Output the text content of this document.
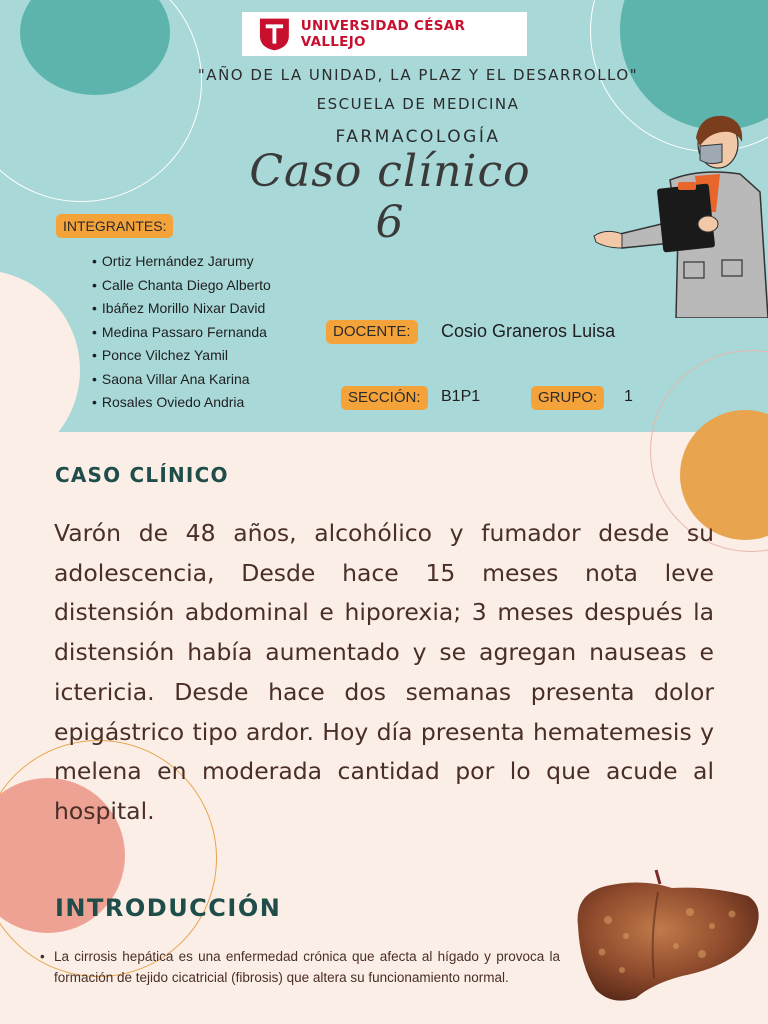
UNIVERSIDAD CÉSAR VALLEJO
"AÑO DE LA UNIDAD, LA PLAZ Y EL DESARROLLO"
ESCUELA DE MEDICINA
FARMACOLOGÍA
Caso clínico 6
INTEGRANTES:
• Ortiz Hernández Jarumy
• Calle Chanta Diego Alberto
• Ibáñez Morillo Nixar David
• Medina Passaro Fernanda
• Ponce Vilchez Yamil
• Saona Villar Ana Karina
• Rosales Oviedo Andria
DOCENTE:	Cosio Graneros Luisa
SECCIÓN:	B1P1	GRUPO:	1
CASO CLÍNICO

Varón de 48 años, alcohólico y fumador desde su adolescencia, Desde hace 15 meses nota leve distensión abdominal e hiporexia; 3 meses después la distensión había aumentado y se agregan nauseas e ictericia. Desde hace dos semanas presenta dolor epigástrico tipo ardor. Hoy día presenta hematemesis y melena en moderada cantidad por lo que acude al hospital.

INTRODUCCIÓN
• La cirrosis hepática es una enfermedad crónica que afecta al hígado y provoca la formación de tejido cicatricial (fibrosis) que altera su funcionamiento normal.
